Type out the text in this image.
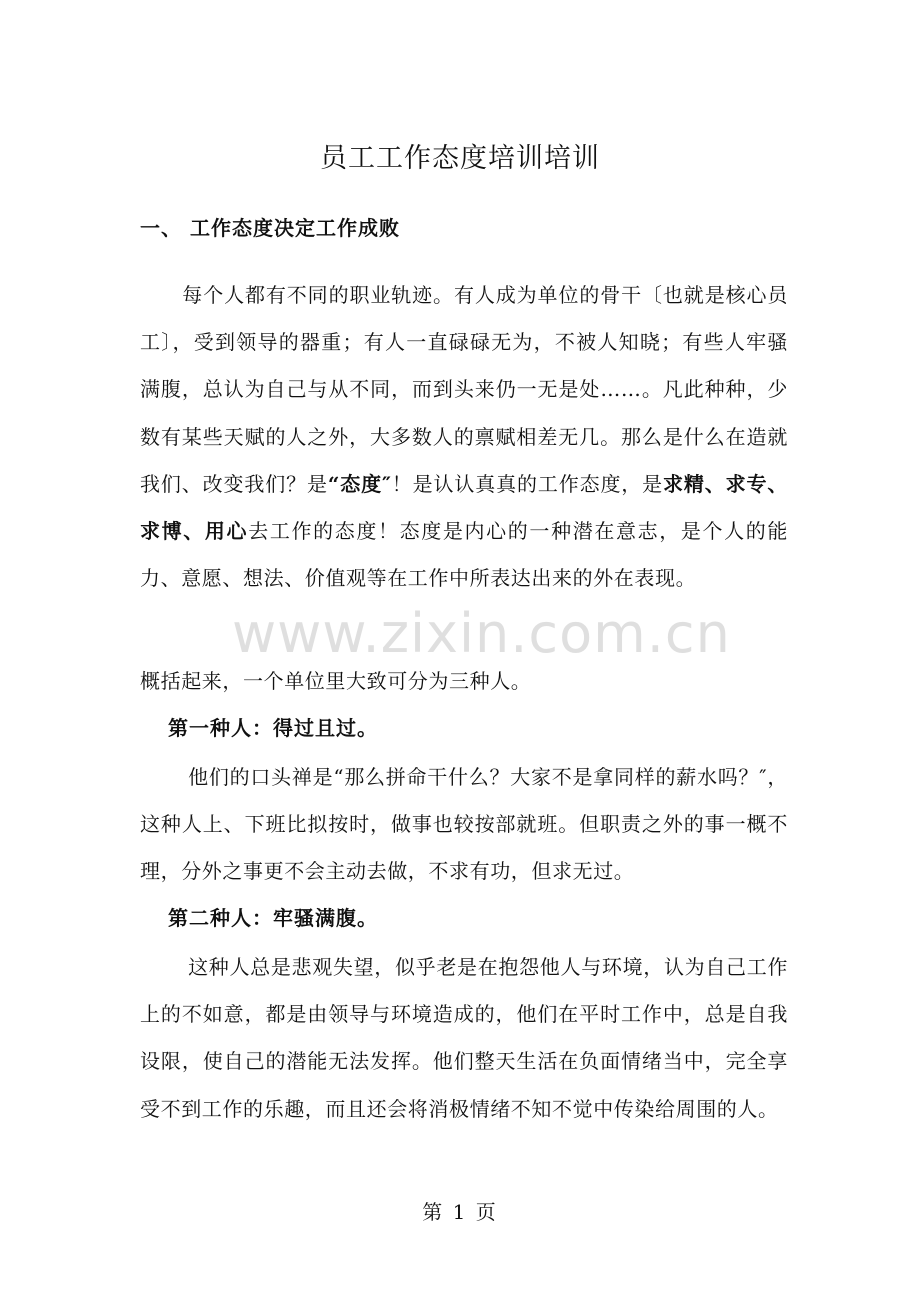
员工工作态度培训培训
一、 工作态度决定工作成败

每个人都有不同的职业轨迹。有人成为单位的骨干〔也就是核心员工〕，受到领导的器重；有人一直碌碌无为，不被人知晓；有些人牢骚满腹，总认为自己与从不同，而到头来仍一无是处……。凡此种种，少数有某些天赋的人之外，大多数人的禀赋相差无几。那么是什么在造就我们、改变我们？是“态度″！是认认真真的工作态度，是求精、求专、求博、用心去工作的态度！态度是内心的一种潜在意志，是个人的能力、意愿、想法、价值观等在工作中所表达出来的外在表现。

www.zixin.com.cn

概括起来，一个单位里大致可分为三种人。

第一种人：得过且过。

他们的口头禅是“那么拼命干什么？大家不是拿同样的薪水吗？″，这种人上、下班比拟按时，做事也较按部就班。但职责之外的事一概不理，分外之事更不会主动去做，不求有功，但求无过。

第二种人：牢骚满腹。

这种人总是悲观失望，似乎老是在抱怨他人与环境，认为自己工作上的不如意，都是由领导与环境造成的，他们在平时工作中，总是自我设限，使自己的潜能无法发挥。他们整天生活在负面情绪当中，完全享受不到工作的乐趣，而且还会将消极情绪不知不觉中传染给周围的人。

第 1 页
